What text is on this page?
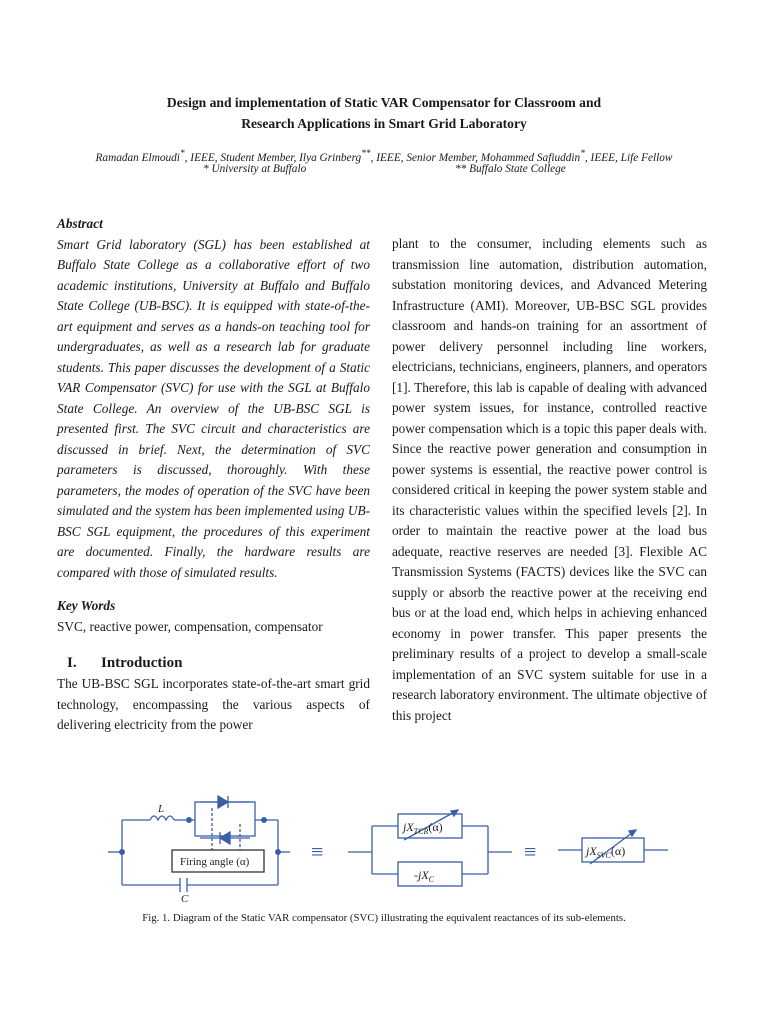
Design and implementation of Static VAR Compensator for Classroom and
Research Applications in Smart Grid Laboratory
Ramadan Elmoudi*, IEEE, Student Member, Ilya Grinberg**, IEEE, Senior Member, Mohammed Safiuddin*, IEEE, Life Fellow
* University at Buffalo	** Buffalo State College

Abstract

Smart Grid laboratory (SGL) has been established at Buffalo State College as a collaborative effort of two academic institutions, University at Buffalo and Buffalo State College (UB-BSC). It is equipped with state-of-the-art equipment and serves as a hands-on teaching tool for undergraduates, as well as a research lab for graduate students. This paper discusses the development of a Static VAR Compensator (SVC) for use with the SGL at Buffalo State College. An overview of the UB-BSC SGL is presented first. The SVC circuit and characteristics are discussed in brief. Next, the determination of SVC parameters is discussed, thoroughly. With these parameters, the modes of operation of the SVC have been simulated and the system has been implemented using UB-BSC SGL equipment, the procedures of this experiment are documented. Finally, the hardware results are compared with those of simulated results.

Key Words

SVC, reactive power, compensation, compensator

I. Introduction

The UB-BSC SGL incorporates state-of-the-art smart grid technology, encompassing the various aspects of delivering electricity from the power

plant to the consumer, including elements such as transmission line automation, distribution automation, substation monitoring devices, and Advanced Metering Infrastructure (AMI). Moreover, UB-BSC SGL provides classroom and hands-on training for an assortment of power delivery personnel including line workers, electricians, technicians, engineers, planners, and operators [1]. Therefore, this lab is capable of dealing with advanced power system issues, for instance, controlled reactive power compensation which is a topic this paper deals with. Since the reactive power generation and consumption in power systems is essential, the reactive power control is considered critical in keeping the power system stable and its characteristic values within the specified levels [2]. In order to maintain the reactive power at the load bus adequate, reactive reserves are needed [3]. Flexible AC Transmission Systems (FACTS) devices like the SVC can supply or absorb the reactive power at the receiving end bus or at the load end, which helps in achieving enhanced economy in power transfer. This paper presents the preliminary results of a project to develop a small-scale implementation of an SVC system suitable for use in a research laboratory environment. The ultimate objective of this project

L
C
Firing angle (α)	≡
$jX_{TCR}(\alpha)$
$-jX_C$
≡	$jX_{SVC}(\alpha)$
Fig. 1. Diagram of the Static VAR compensator (SVC) illustrating the equivalent reactances of its sub-elements.
